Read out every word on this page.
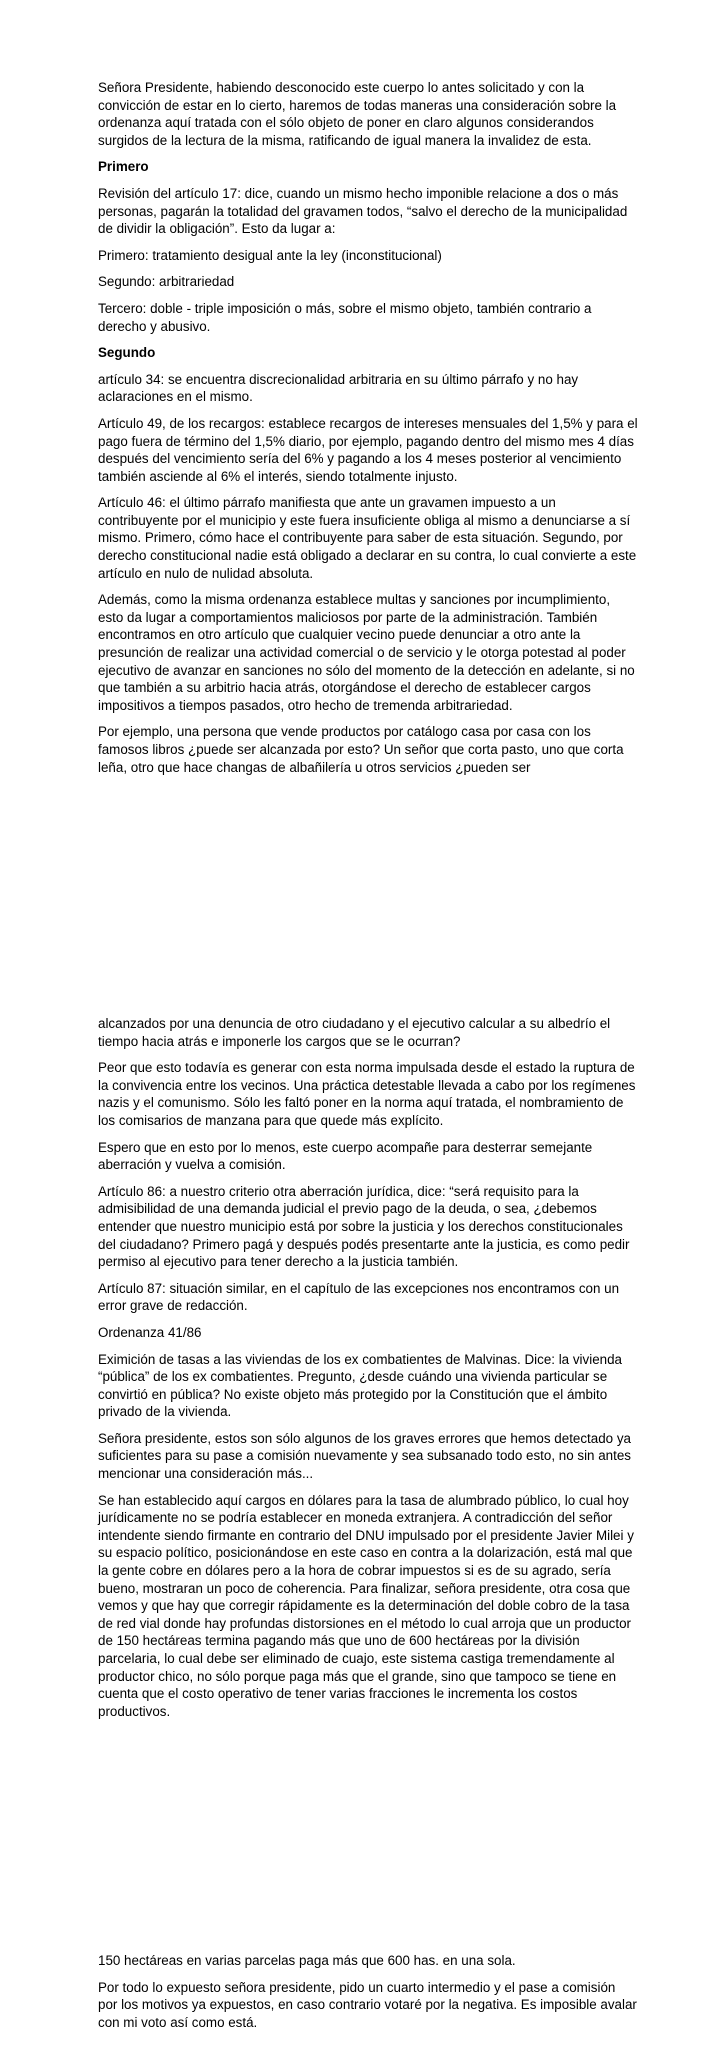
Señora Presidente, habiendo desconocido este cuerpo lo antes solicitado y con la convicción de estar en lo cierto, haremos de todas maneras una consideración sobre la ordenanza aquí tratada con el sólo objeto de poner en claro algunos considerandos surgidos de la lectura de la misma, ratificando de igual manera la invalidez de esta.

Primero

Revisión del artículo 17: dice, cuando un mismo hecho imponible relacione a dos o más personas, pagarán la totalidad del gravamen todos, “salvo el derecho de la municipalidad de dividir la obligación”. Esto da lugar a:

Primero: tratamiento desigual ante la ley (inconstitucional)

Segundo: arbitrariedad

Tercero: doble - triple imposición o más, sobre el mismo objeto, también contrario a derecho y abusivo.

Segundo

artículo 34: se encuentra discrecionalidad arbitraria en su último párrafo y no hay aclaraciones en el mismo.

Artículo 49, de los recargos: establece recargos de intereses mensuales del 1,5% y para el pago fuera de término del 1,5% diario, por ejemplo, pagando dentro del mismo mes 4 días después del vencimiento sería del 6% y pagando a los 4 meses posterior al vencimiento también asciende al 6% el interés, siendo totalmente injusto.

Artículo 46: el último párrafo manifiesta que ante un gravamen impuesto a un contribuyente por el municipio y este fuera insuficiente obliga al mismo a denunciarse a sí mismo. Primero, cómo hace el contribuyente para saber de esta situación. Segundo, por derecho constitucional nadie está obligado a declarar en su contra, lo cual convierte a este artículo en nulo de nulidad absoluta.

Además, como la misma ordenanza establece multas y sanciones por incumplimiento, esto da lugar a comportamientos maliciosos por parte de la administración. También encontramos en otro artículo que cualquier vecino puede denunciar a otro ante la presunción de realizar una actividad comercial o de servicio y le otorga potestad al poder ejecutivo de avanzar en sanciones no sólo del momento de la detección en adelante, si no que también a su arbitrio hacia atrás, otorgándose el derecho de establecer cargos impositivos a tiempos pasados, otro hecho de tremenda arbitrariedad.

Por ejemplo, una persona que vende productos por catálogo casa por casa con los famosos libros ¿puede ser alcanzada por esto? Un señor que corta pasto, uno que corta leña, otro que hace changas de albañilería u otros servicios ¿pueden ser

alcanzados por una denuncia de otro ciudadano y el ejecutivo calcular a su albedrío el tiempo hacia atrás e imponerle los cargos que se le ocurran?

Peor que esto todavía es generar con esta norma impulsada desde el estado la ruptura de la convivencia entre los vecinos. Una práctica detestable llevada a cabo por los regímenes nazis y el comunismo. Sólo les faltó poner en la norma aquí tratada, el nombramiento de los comisarios de manzana para que quede más explícito.

Espero que en esto por lo menos, este cuerpo acompañe para desterrar semejante aberración y vuelva a comisión.

Artículo 86: a nuestro criterio otra aberración jurídica, dice: “será requisito para la admisibilidad de una demanda judicial el previo pago de la deuda, o sea, ¿debemos entender que nuestro municipio está por sobre la justicia y los derechos constitucionales del ciudadano? Primero pagá y después podés presentarte ante la justicia, es como pedir permiso al ejecutivo para tener derecho a la justicia también.

Artículo 87: situación similar, en el capítulo de las excepciones nos encontramos con un error grave de redacción.

Ordenanza 41/86

Eximición de tasas a las viviendas de los ex combatientes de Malvinas. Dice: la vivienda “pública” de los ex combatientes. Pregunto, ¿desde cuándo una vivienda particular se convirtió en pública? No existe objeto más protegido por la Constitución que el ámbito privado de la vivienda.

Señora presidente, estos son sólo algunos de los graves errores que hemos detectado ya suficientes para su pase a comisión nuevamente y sea subsanado todo esto, no sin antes mencionar una consideración más...

Se han establecido aquí cargos en dólares para la tasa de alumbrado público, lo cual hoy jurídicamente no se podría establecer en moneda extranjera. A contradicción del señor intendente siendo firmante en contrario del DNU impulsado por el presidente Javier Milei y su espacio político, posicionándose en este caso en contra a la dolarización, está mal que la gente cobre en dólares pero a la hora de cobrar impuestos si es de su agrado, sería bueno, mostraran un poco de coherencia. Para finalizar, señora presidente, otra cosa que vemos y que hay que corregir rápidamente es la determinación del doble cobro de la tasa de red vial donde hay profundas distorsiones en el método lo cual arroja que un productor de 150 hectáreas termina pagando más que uno de 600 hectáreas por la división parcelaria, lo cual debe ser eliminado de cuajo, este sistema castiga tremendamente al productor chico, no sólo porque paga más que el grande, sino que tampoco se tiene en cuenta que el costo operativo de tener varias fracciones le incrementa los costos productivos.

150 hectáreas en varias parcelas paga más que 600 has. en una sola.

Por todo lo expuesto señora presidente, pido un cuarto intermedio y el pase a comisión por los motivos ya expuestos, en caso contrario votaré por la negativa. Es imposible avalar con mi voto así como está.
